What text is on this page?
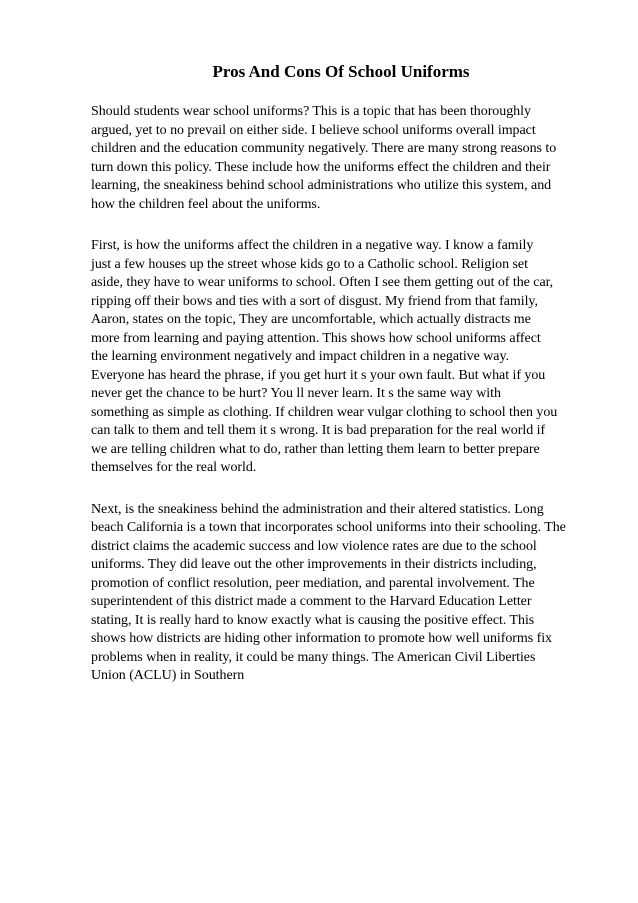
Pros And Cons Of School Uniforms

Should students wear school uniforms? This is a topic that has been thoroughly
argued, yet to no prevail on either side. I believe school uniforms overall impact
children and the education community negatively. There are many strong reasons to
turn down this policy. These include how the uniforms effect the children and their
learning, the sneakiness behind school administrations who utilize this system, and
how the children feel about the uniforms.

First, is how the uniforms affect the children in a negative way. I know a family
just a few houses up the street whose kids go to a Catholic school. Religion set
aside, they have to wear uniforms to school. Often I see them getting out of the car,
ripping off their bows and ties with a sort of disgust. My friend from that family,
Aaron, states on the topic, They are uncomfortable, which actually distracts me
more from learning and paying attention. This shows how school uniforms affect
the learning environment negatively and impact children in a negative way.
Everyone has heard the phrase, if you get hurt it s your own fault. But what if you
never get the chance to be hurt? You ll never learn. It s the same way with
something as simple as clothing. If children wear vulgar clothing to school then you
can talk to them and tell them it s wrong. It is bad preparation for the real world if
we are telling children what to do, rather than letting them learn to better prepare
themselves for the real world.

Next, is the sneakiness behind the administration and their altered statistics. Long
beach California is a town that incorporates school uniforms into their schooling. The
district claims the academic success and low violence rates are due to the school
uniforms. They did leave out the other improvements in their districts including,
promotion of conflict resolution, peer mediation, and parental involvement. The
superintendent of this district made a comment to the Harvard Education Letter
stating, It is really hard to know exactly what is causing the positive effect. This
shows how districts are hiding other information to promote how well uniforms fix
problems when in reality, it could be many things. The American Civil Liberties
Union (ACLU) in Southern
